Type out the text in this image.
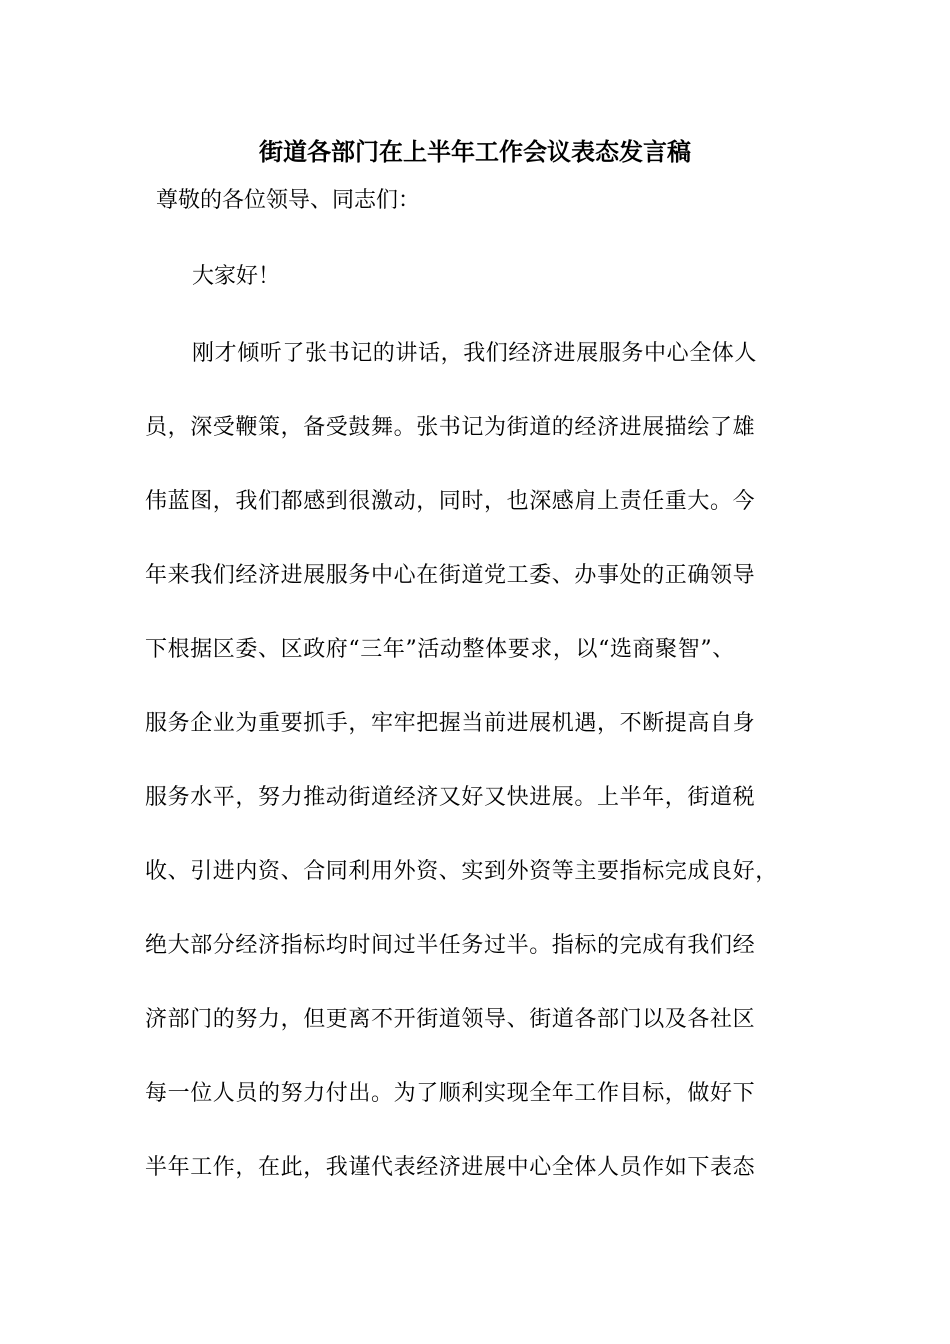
街道各部门在上半年工作会议表态发言稿
尊敬的各位领导、同志们：
大家好！
刚才倾听了张书记的讲话，我们经济进展服务中心全体人
员，深受鞭策，备受鼓舞。张书记为街道的经济进展描绘了雄
伟蓝图，我们都感到很激动，同时，也深感肩上责任重大。今
年来我们经济进展服务中心在街道党工委、办事处的正确领导
下根据区委、区政府“三年”活动整体要求，以“选商聚智”、
服务企业为重要抓手，牢牢把握当前进展机遇，不断提高自身
服务水平，努力推动街道经济又好又快进展。上半年，街道税
收、引进内资、合同利用外资、实到外资等主要指标完成良好，
绝大部分经济指标均时间过半任务过半。指标的完成有我们经
济部门的努力，但更离不开街道领导、街道各部门以及各社区
每一位人员的努力付出。为了顺利实现全年工作目标，做好下
半年工作，在此，我谨代表经济进展中心全体人员作如下表态
